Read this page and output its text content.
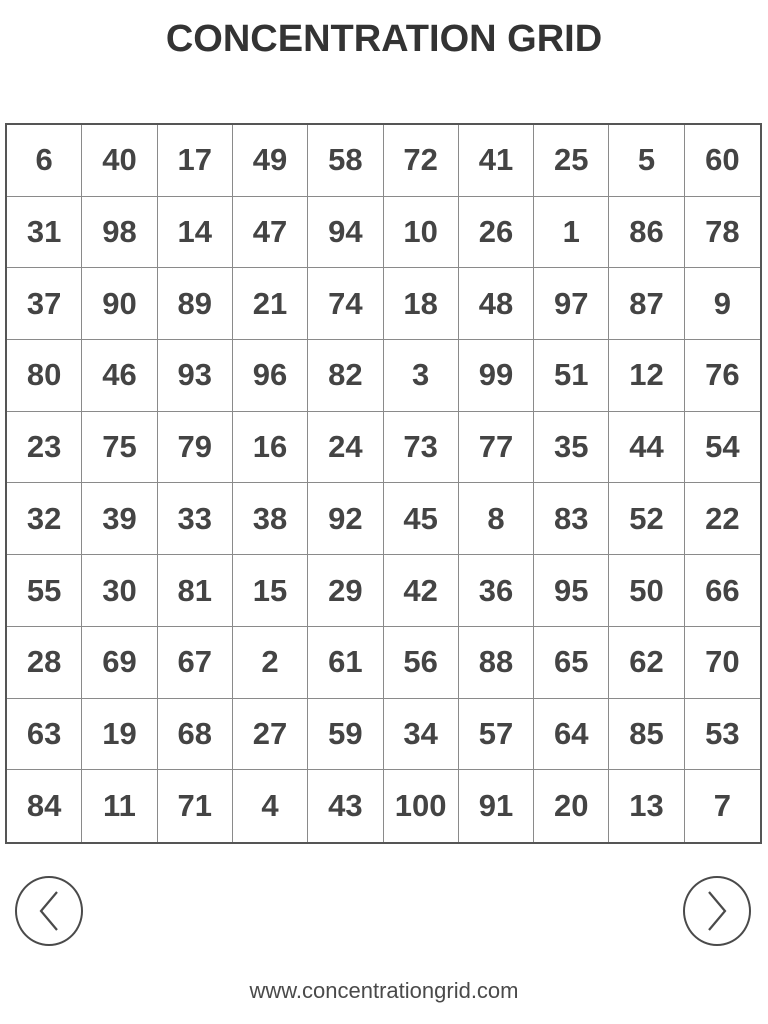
CONCENTRATION GRID
6	40	17	49	58	72	41	25	5	60
31	98	14	47	94	10	26	1	86	78
37	90	89	21	74	18	48	97	87	9
80	46	93	96	82	3	99	51	12	76
23	75	79	16	24	73	77	35	44	54
32	39	33	38	92	45	8	83	52	22
55	30	81	15	29	42	36	95	50	66
28	69	67	2	61	56	88	65	62	70
63	19	68	27	59	34	57	64	85	53
84	11	71	4	43	100	91	20	13	7
www.concentrationgrid.com
